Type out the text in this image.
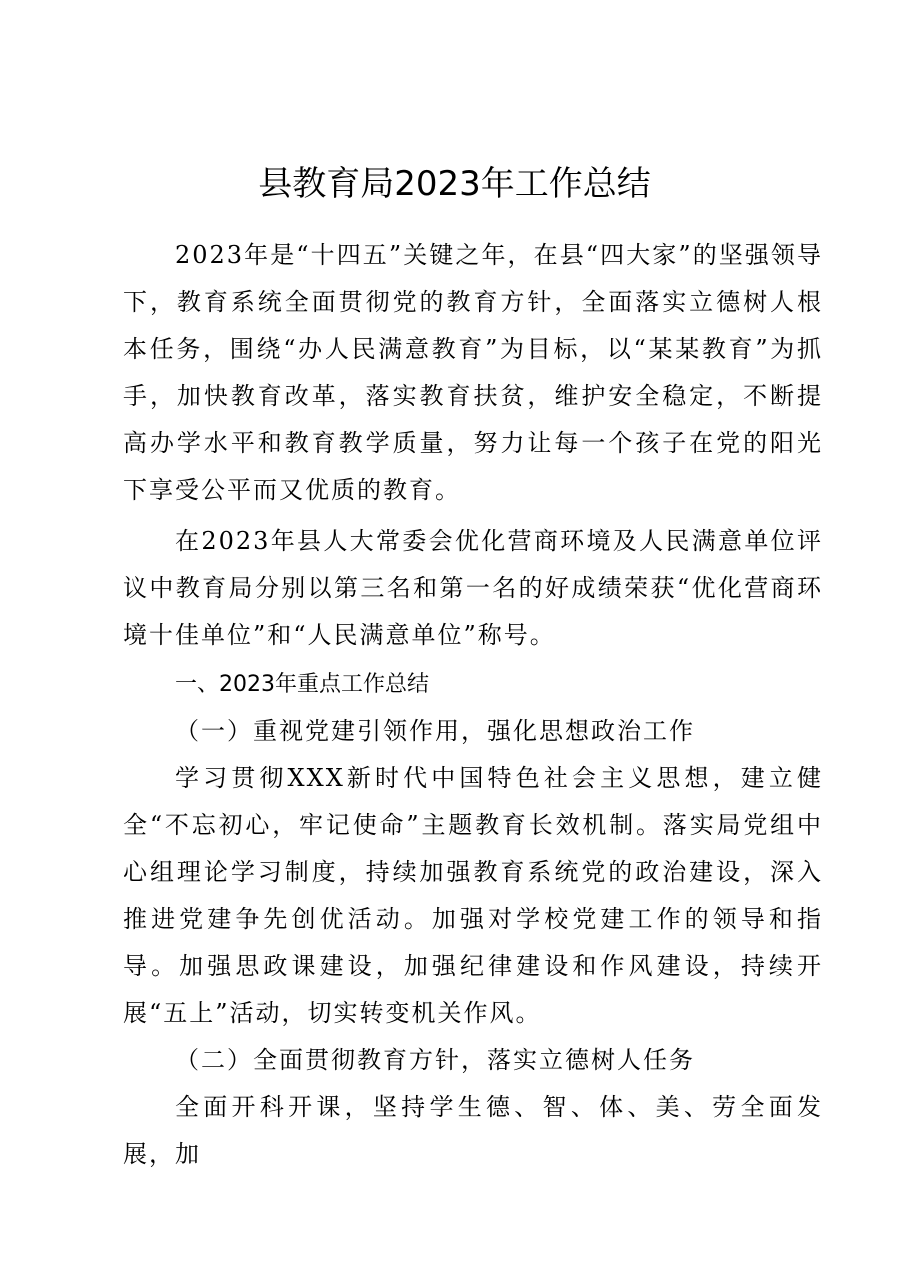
县教育局2023年工作总结

2023年是“十四五”关键之年，在县“四大家”的坚强领导下，教育系统全面贯彻党的教育方针，全面落实立德树人根本任务，围绕“办人民满意教育”为目标，以“某某教育”为抓手，加快教育改革，落实教育扶贫，维护安全稳定，不断提高办学水平和教育教学质量，努力让每一个孩子在党的阳光下享受公平而又优质的教育。

在2023年县人大常委会优化营商环境及人民满意单位评议中教育局分别以第三名和第一名的好成绩荣获“优化营商环境十佳单位”和“人民满意单位”称号。

一、2023年重点工作总结

（一）重视党建引领作用，强化思想政治工作

学习贯彻XXX新时代中国特色社会主义思想，建立健全“不忘初心，牢记使命”主题教育长效机制。落实局党组中心组理论学习制度，持续加强教育系统党的政治建设，深入推进党建争先创优活动。加强对学校党建工作的领导和指导。加强思政课建设，加强纪律建设和作风建设，持续开展“五上”活动，切实转变机关作风。

（二）全面贯彻教育方针，落实立德树人任务

全面开科开课，坚持学生德、智、体、美、劳全面发展，加
